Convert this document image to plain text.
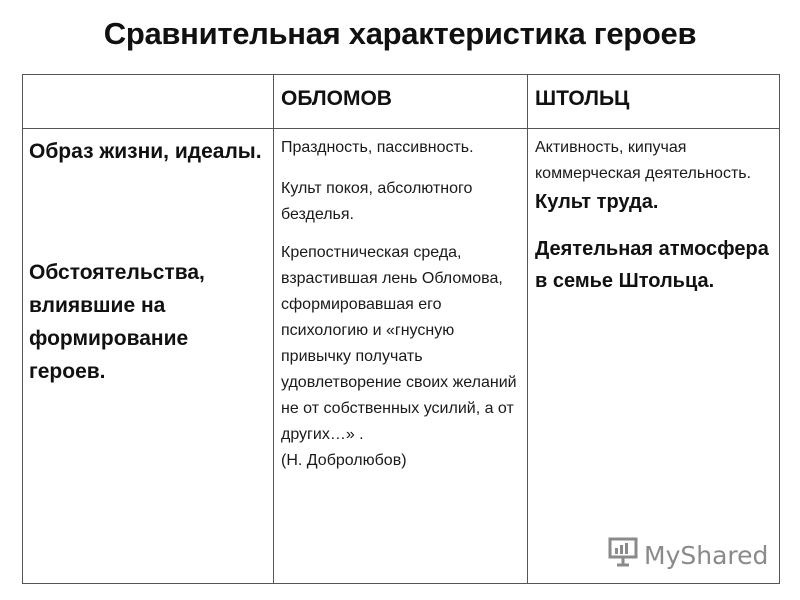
Сравнительная характеристика героев
ОБЛОМОВ	ШТОЛЬЦ

Образ жизни, идеалы.

Обстоятельства, влиявшие на формирование героев.

Праздность, пассивность.

Культ покоя, абсолютного безделья.

Крепостническая среда, взрастившая лень Обломова, сформировавшая его психологию и «гнусную привычку получать удовлетворение своих желаний не от собственных усилий, а от других…» .

(Н. Добролюбов)

Активность, кипучая коммерческая деятельность.

Культ труда.

Деятельная атмосфера в семье Штольца.

MyShared
